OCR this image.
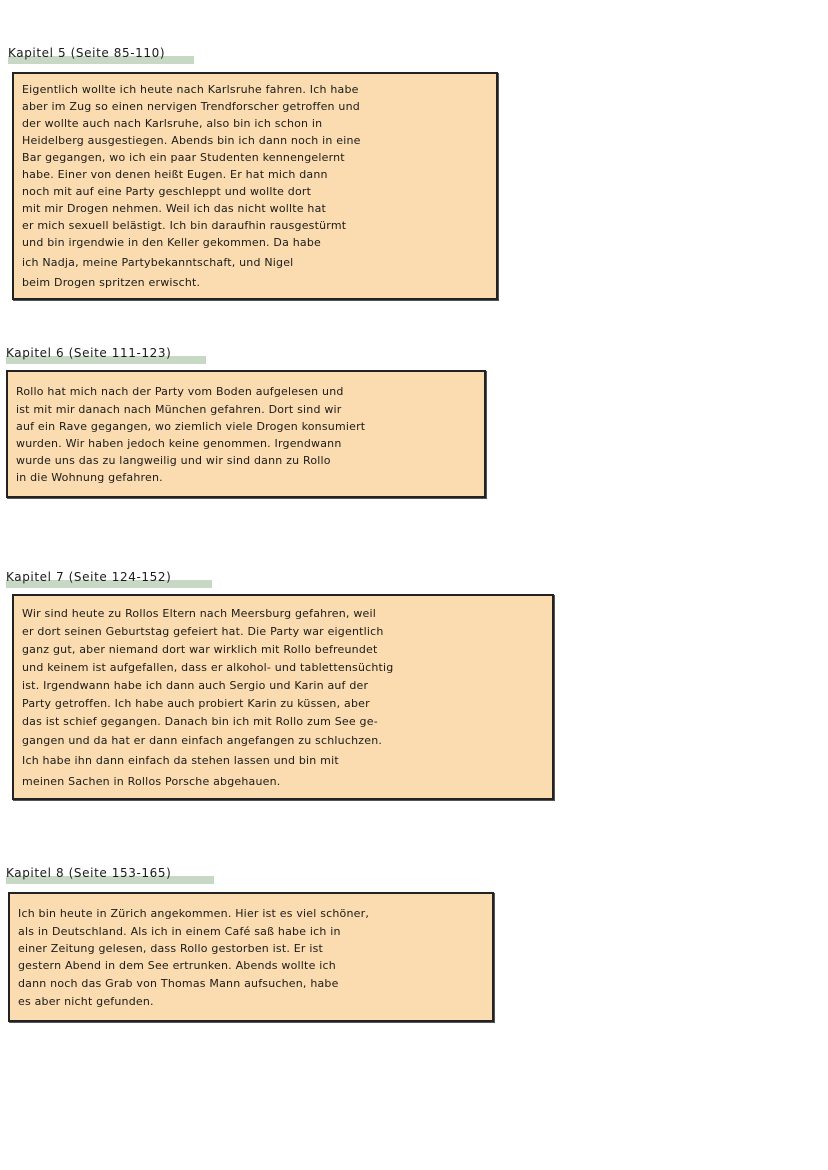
Kapitel 5 (Seite 85-110)
Eigentlich wollte ich heute nach Karlsruhe fahren. Ich habe
aber im Zug so einen nervigen Trendforscher getroffen und
der wollte auch nach Karlsruhe, also bin ich schon in
Heidelberg ausgestiegen. Abends bin ich dann noch in eine
Bar gegangen, wo ich ein paar Studenten kennengelernt
habe. Einer von denen heißt Eugen. Er hat mich dann
noch mit auf eine Party geschleppt und wollte dort
mit mir Drogen nehmen. Weil ich das nicht wollte hat
er mich sexuell belästigt. Ich bin daraufhin rausgestürmt
und bin irgendwie in den Keller gekommen. Da habe
ich Nadja, meine Partybekanntschaft, und Nigel
beim Drogen spritzen erwischt.
Kapitel 6 (Seite 111-123)
Rollo hat mich nach der Party vom Boden aufgelesen und
ist mit mir danach nach München gefahren. Dort sind wir
auf ein Rave gegangen, wo ziemlich viele Drogen konsumiert
wurden. Wir haben jedoch keine genommen. Irgendwann
wurde uns das zu langweilig und wir sind dann zu Rollo
in die Wohnung gefahren.
Kapitel 7 (Seite 124-152)
Wir sind heute zu Rollos Eltern nach Meersburg gefahren, weil
er dort seinen Geburtstag gefeiert hat. Die Party war eigentlich
ganz gut, aber niemand dort war wirklich mit Rollo befreundet
und keinem ist aufgefallen, dass er alkohol- und tablettensüchtig
ist. Irgendwann habe ich dann auch Sergio und Karin auf der
Party getroffen. Ich habe auch probiert Karin zu küssen, aber
das ist schief gegangen. Danach bin ich mit Rollo zum See ge-
gangen und da hat er dann einfach angefangen zu schluchzen.
Ich habe ihn dann einfach da stehen lassen und bin mit
meinen Sachen in Rollos Porsche abgehauen.
Kapitel 8 (Seite 153-165)
Ich bin heute in Zürich angekommen. Hier ist es viel schöner,
als in Deutschland. Als ich in einem Café saß habe ich in
einer Zeitung gelesen, dass Rollo gestorben ist. Er ist
gestern Abend in dem See ertrunken. Abends wollte ich
dann noch das Grab von Thomas Mann aufsuchen, habe
es aber nicht gefunden.
